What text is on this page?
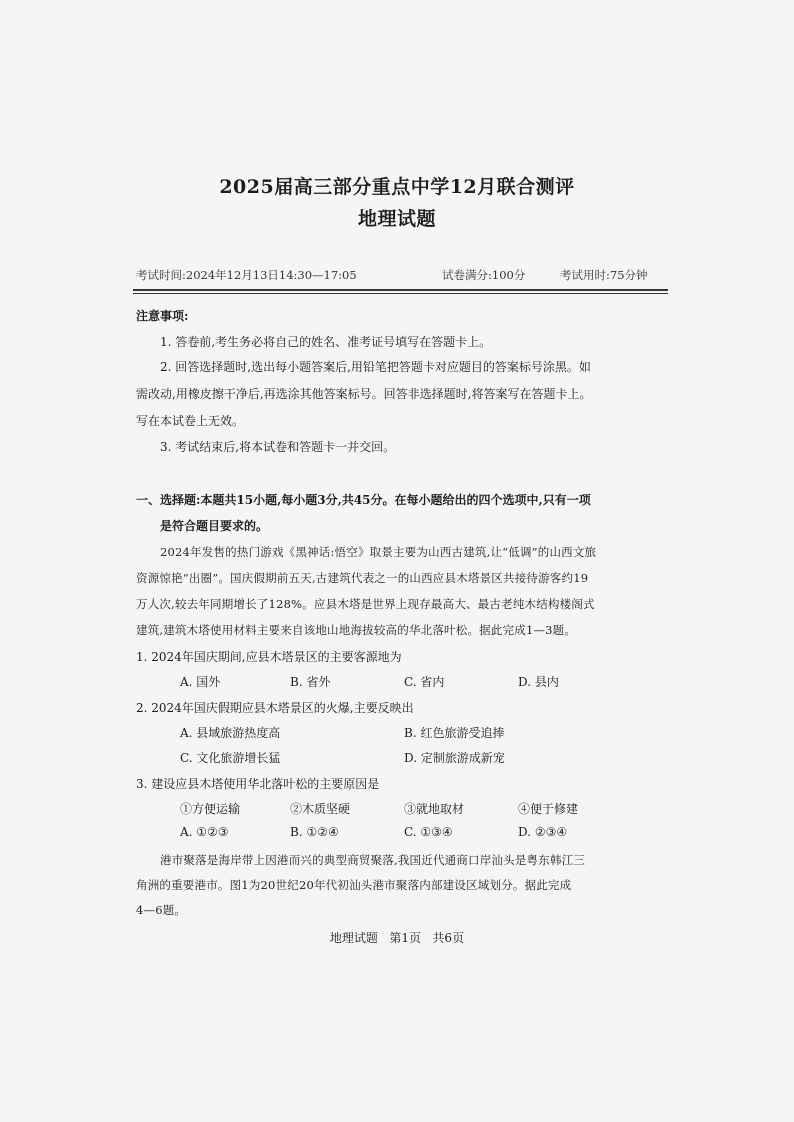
2025届高三部分重点中学12月联合测评
地理试题
考试时间:2024年12月13日14:30—17:05	试卷满分:100分	考试用时:75分钟
注意事项:
1. 答卷前,考生务必将自己的姓名、准考证号填写在答题卡上。
2. 回答选择题时,选出每小题答案后,用铅笔把答题卡对应题目的答案标号涂黑。如
需改动,用橡皮擦干净后,再选涂其他答案标号。回答非选择题时,将答案写在答题卡上。
写在本试卷上无效。
3. 考试结束后,将本试卷和答题卡一并交回。
一、选择题:本题共15小题,每小题3分,共45分。在每小题给出的四个选项中,只有一项
是符合题目要求的。
2024年发售的热门游戏《黑神话:悟空》取景主要为山西古建筑,让“低调”的山西文旅
资源惊艳“出圈”。国庆假期前五天,古建筑代表之一的山西应县木塔景区共接待游客约19
万人次,较去年同期增长了128%。应县木塔是世界上现存最高大、最古老纯木结构楼阁式
建筑,建筑木塔使用材料主要来自该地山地海拔较高的华北落叶松。据此完成1—3题。
1. 2024年国庆期间,应县木塔景区的主要客源地为
A. 国外	B. 省外	C. 省内	D. 县内
2. 2024年国庆假期应县木塔景区的火爆,主要反映出
A. 县域旅游热度高	B. 红色旅游受追捧
C. 文化旅游增长猛	D. 定制旅游成新宠
3. 建设应县木塔使用华北落叶松的主要原因是
①方便运输	②木质坚硬	③就地取材	④便于修建
A. ①②③	B. ①②④	C. ①③④	D. ②③④
港市聚落是海岸带上因港而兴的典型商贸聚落,我国近代通商口岸汕头是粤东韩江三
角洲的重要港市。图1为20世纪20年代初汕头港市聚落内部建设区域划分。据此完成
4—6题。
地理试题   第1页   共6页
